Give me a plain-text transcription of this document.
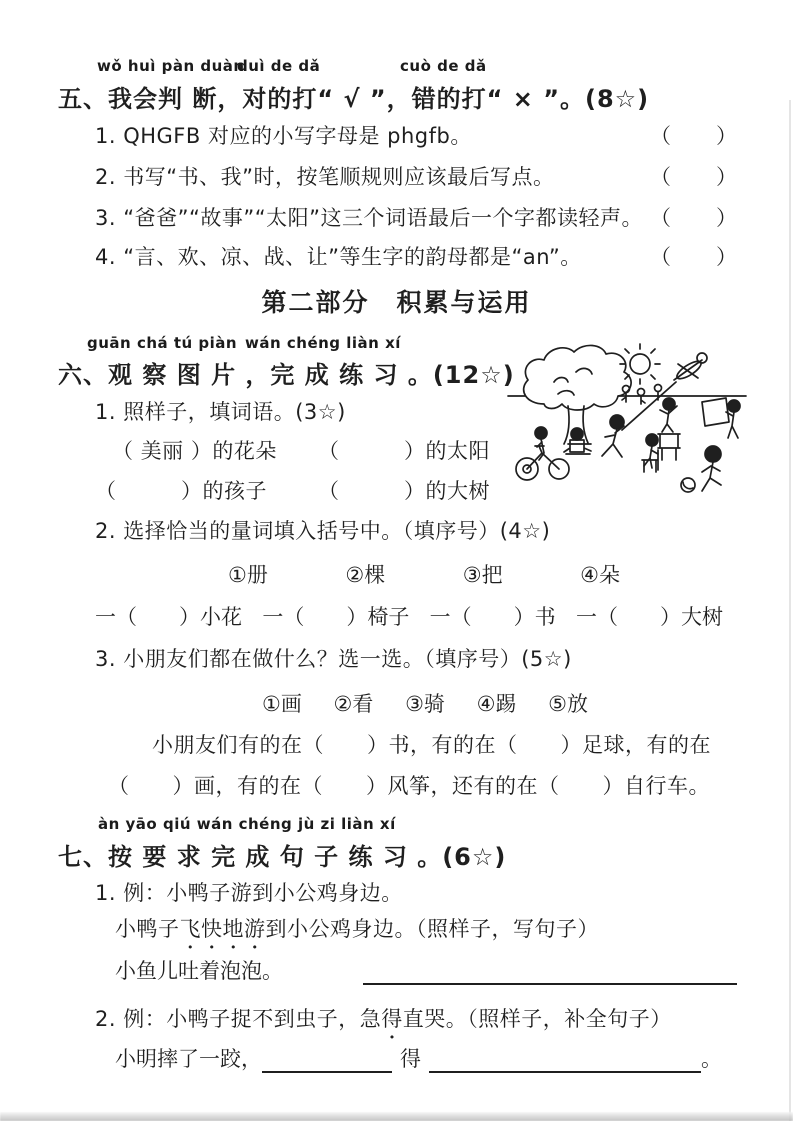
wǒ huì pàn duàn
duì de dǎ	cuò de dǎ
五、我会判 断，对的打“ √ ”，错的打“ × ”。(8☆)
1. QHGFB 对应的小写字母是 phgfb。	（　　）
2. 书写“书、我”时，按笔顺规则应该最后写点。	（　　）
3. “爸爸”“故事”“太阳”这三个词语最后一个字都读轻声。 （　　）
4. “言、欢、凉、战、让”等生字的韵母都是“an”。	（　　）
第二部分　积累与运用
guān chá tú piàn wán chéng liàn xí
六、观 察 图 片 ，完 成 练 习 。(12☆)
1. 照样子，填词语。(3☆)
（ 美丽 ）的花朵 （　　　）的太阳
（　　　）的孩子 （　　　）的大树
2. 选择恰当的量词填入括号中。（填序号）(4☆)
①册	②棵	③把	④朵
一（　　）小花 一（　　）椅子 一（　　）书 一（　　）大树
3. 小朋友们都在做什么？选一选。（填序号）(5☆)
①画 ②看 ③骑 ④踢 ⑤放
小朋友们有的在（　　）书，有的在（　　）足球，有的在
（　　）画，有的在（　　）风筝，还有的在（　　）自行车。
àn yāo qiú wán chéng jù zi liàn xí
七、按 要 求 完 成 句 子 练 习 。(6☆)
1. 例：小鸭子游到小公鸡身边。
小鸭子飞快地游到小公鸡身边。（照样子，写句子）
小鱼儿吐着泡泡。
2. 例：小鸭子捉不到虫子，急得直哭。（照样子，补全句子）
小明摔了一跤，	得	。
